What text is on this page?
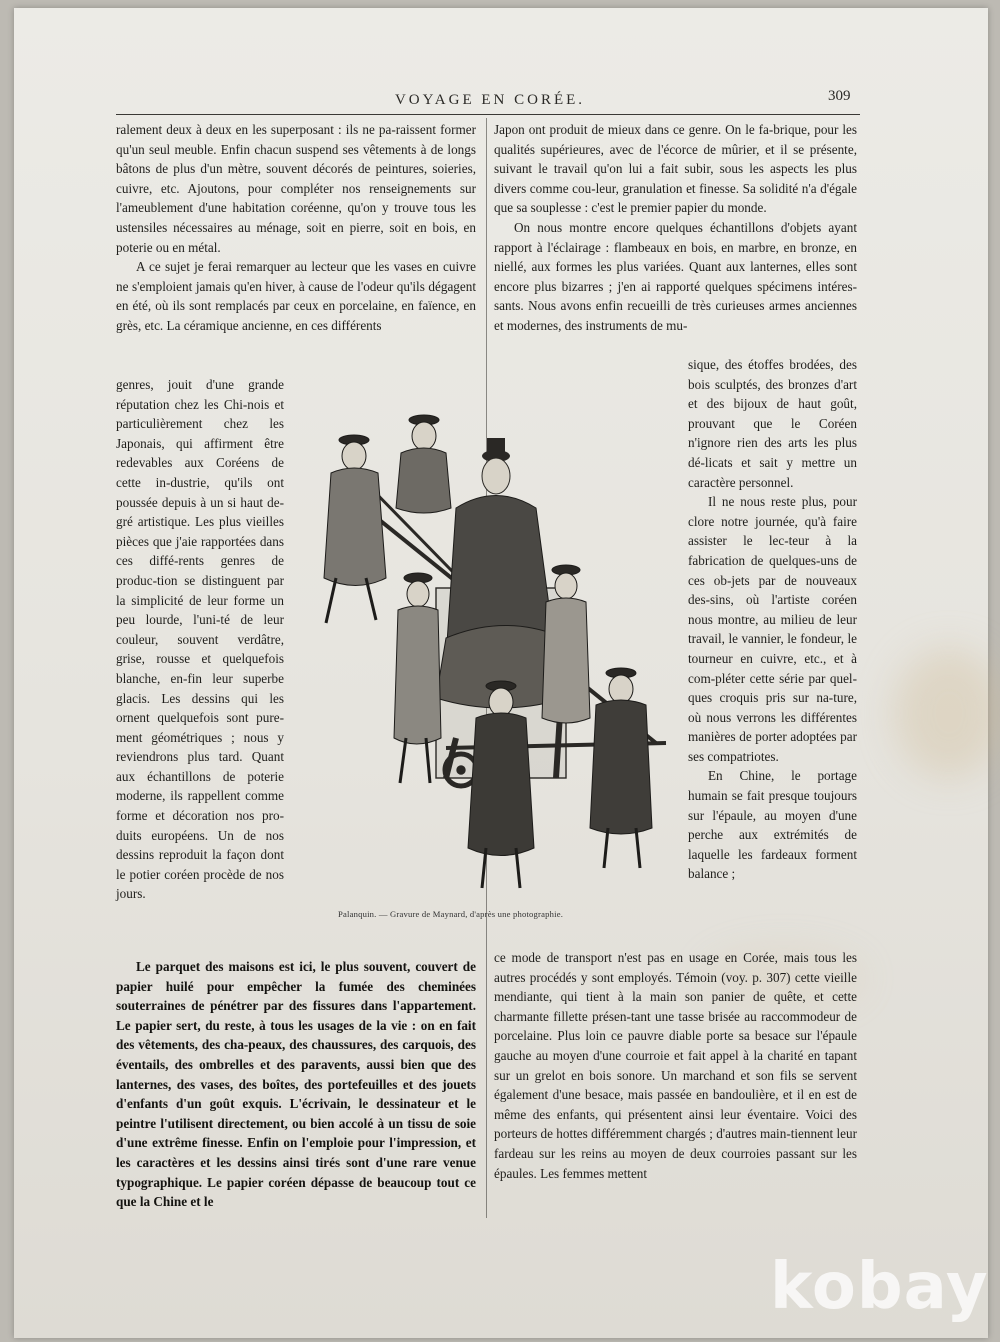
VOYAGE EN CORÉE.	309

ralement deux à deux en les superposant : ils ne pa-raissent former qu'un seul meuble. Enfin chacun suspend ses vêtements à de longs bâtons de plus d'un mètre, souvent décorés de peintures, soieries, cuivre, etc. Ajoutons, pour compléter nos renseignements sur l'ameublement d'une habitation coréenne, qu'on y trouve tous les ustensiles nécessaires au ménage, soit en pierre, soit en bois, en poterie ou en métal.

A ce sujet je ferai remarquer au lecteur que les vases en cuivre ne s'emploient jamais qu'en hiver, à cause de l'odeur qu'ils dégagent en été, où ils sont remplacés par ceux en porcelaine, en faïence, en grès, etc. La céramique ancienne, en ces différents

genres, jouit d'une grande réputation chez les Chi-nois et particulièrement chez les Japonais, qui affirment être redevables aux Coréens de cette in-dustrie, qu'ils ont poussée depuis à un si haut de-gré artistique. Les plus vieilles pièces que j'aie rapportées dans ces diffé-rents genres de produc-tion se distinguent par la simplicité de leur forme un peu lourde, l'uni-té de leur couleur, souvent verdâtre, grise, rousse et quelquefois blanche, en-fin leur superbe glacis. Les dessins qui les ornent quelquefois sont pure-ment géométriques ; nous y reviendrons plus tard. Quant aux échantillons de poterie moderne, ils rappellent comme forme et décoration nos pro-duits européens. Un de nos dessins reproduit la façon dont le potier coréen procède de nos jours.

Le parquet des maisons est ici, le plus souvent, couvert de papier huilé pour empêcher la fumée des cheminées souterraines de pénétrer par des fissures dans l'appartement. Le papier sert, du reste, à tous les usages de la vie : on en fait des vêtements, des cha-peaux, des chaussures, des carquois, des éventails, des ombrelles et des paravents, aussi bien que des lanternes, des vases, des boîtes, des portefeuilles et des jouets d'enfants d'un goût exquis. L'écrivain, le dessinateur et le peintre l'utilisent directement, ou bien accolé à un tissu de soie d'une extrême finesse. Enfin on l'emploie pour l'impression, et les caractères et les dessins ainsi tirés sont d'une rare venue typographique. Le papier coréen dépasse de beaucoup tout ce que la Chine et le

Japon ont produit de mieux dans ce genre. On le fa-brique, pour les qualités supérieures, avec de l'écorce de mûrier, et il se présente, suivant le travail qu'on lui a fait subir, sous les aspects les plus divers comme cou-leur, granulation et finesse. Sa solidité n'a d'égale que sa souplesse : c'est le premier papier du monde.

On nous montre encore quelques échantillons d'objets ayant rapport à l'éclairage : flambeaux en bois, en marbre, en bronze, en niellé, aux formes les plus variées. Quant aux lanternes, elles sont encore plus bizarres ; j'en ai rapporté quelques spécimens intéres-sants. Nous avons enfin recueilli de très curieuses armes anciennes et modernes, des instruments de mu-

sique, des étoffes brodées, des bois sculptés, des bronzes d'art et des bijoux de haut goût, prouvant que le Coréen n'ignore rien des arts les plus dé-licats et sait y mettre un caractère personnel.

Il ne nous reste plus, pour clore notre journée, qu'à faire assister le lec-teur à la fabrication de quelques-uns de ces ob-jets par de nouveaux des-sins, où l'artiste coréen nous montre, au milieu de leur travail, le vannier, le fondeur, le tourneur en cuivre, etc., et à com-pléter cette série par quel-ques croquis pris sur na-ture, où nous verrons les différentes manières de porter adoptées par ses compatriotes.

En Chine, le portage humain se fait presque toujours sur l'épaule, au moyen d'une perche aux extrémités de laquelle les fardeaux forment balance ;

ce mode de transport n'est pas en usage en Corée, mais tous les autres procédés y sont employés. Témoin (voy. p. 307) cette vieille mendiante, qui tient à la main son panier de quête, et cette charmante fillette présen-tant une tasse brisée au raccommodeur de porcelaine. Plus loin ce pauvre diable porte sa besace sur l'épaule gauche au moyen d'une courroie et fait appel à la charité en tapant sur un grelot en bois sonore. Un marchand et son fils se servent également d'une besace, mais passée en bandoulière, et il en est de même des enfants, qui présentent ainsi leur éventaire. Voici des porteurs de hottes différemment chargés ; d'autres main-tiennent leur fardeau sur les reins au moyen de deux courroies passant sur les épaules. Les femmes mettent

Palanquin. — Gravure de Maynard, d'après une photographie.
kobay
